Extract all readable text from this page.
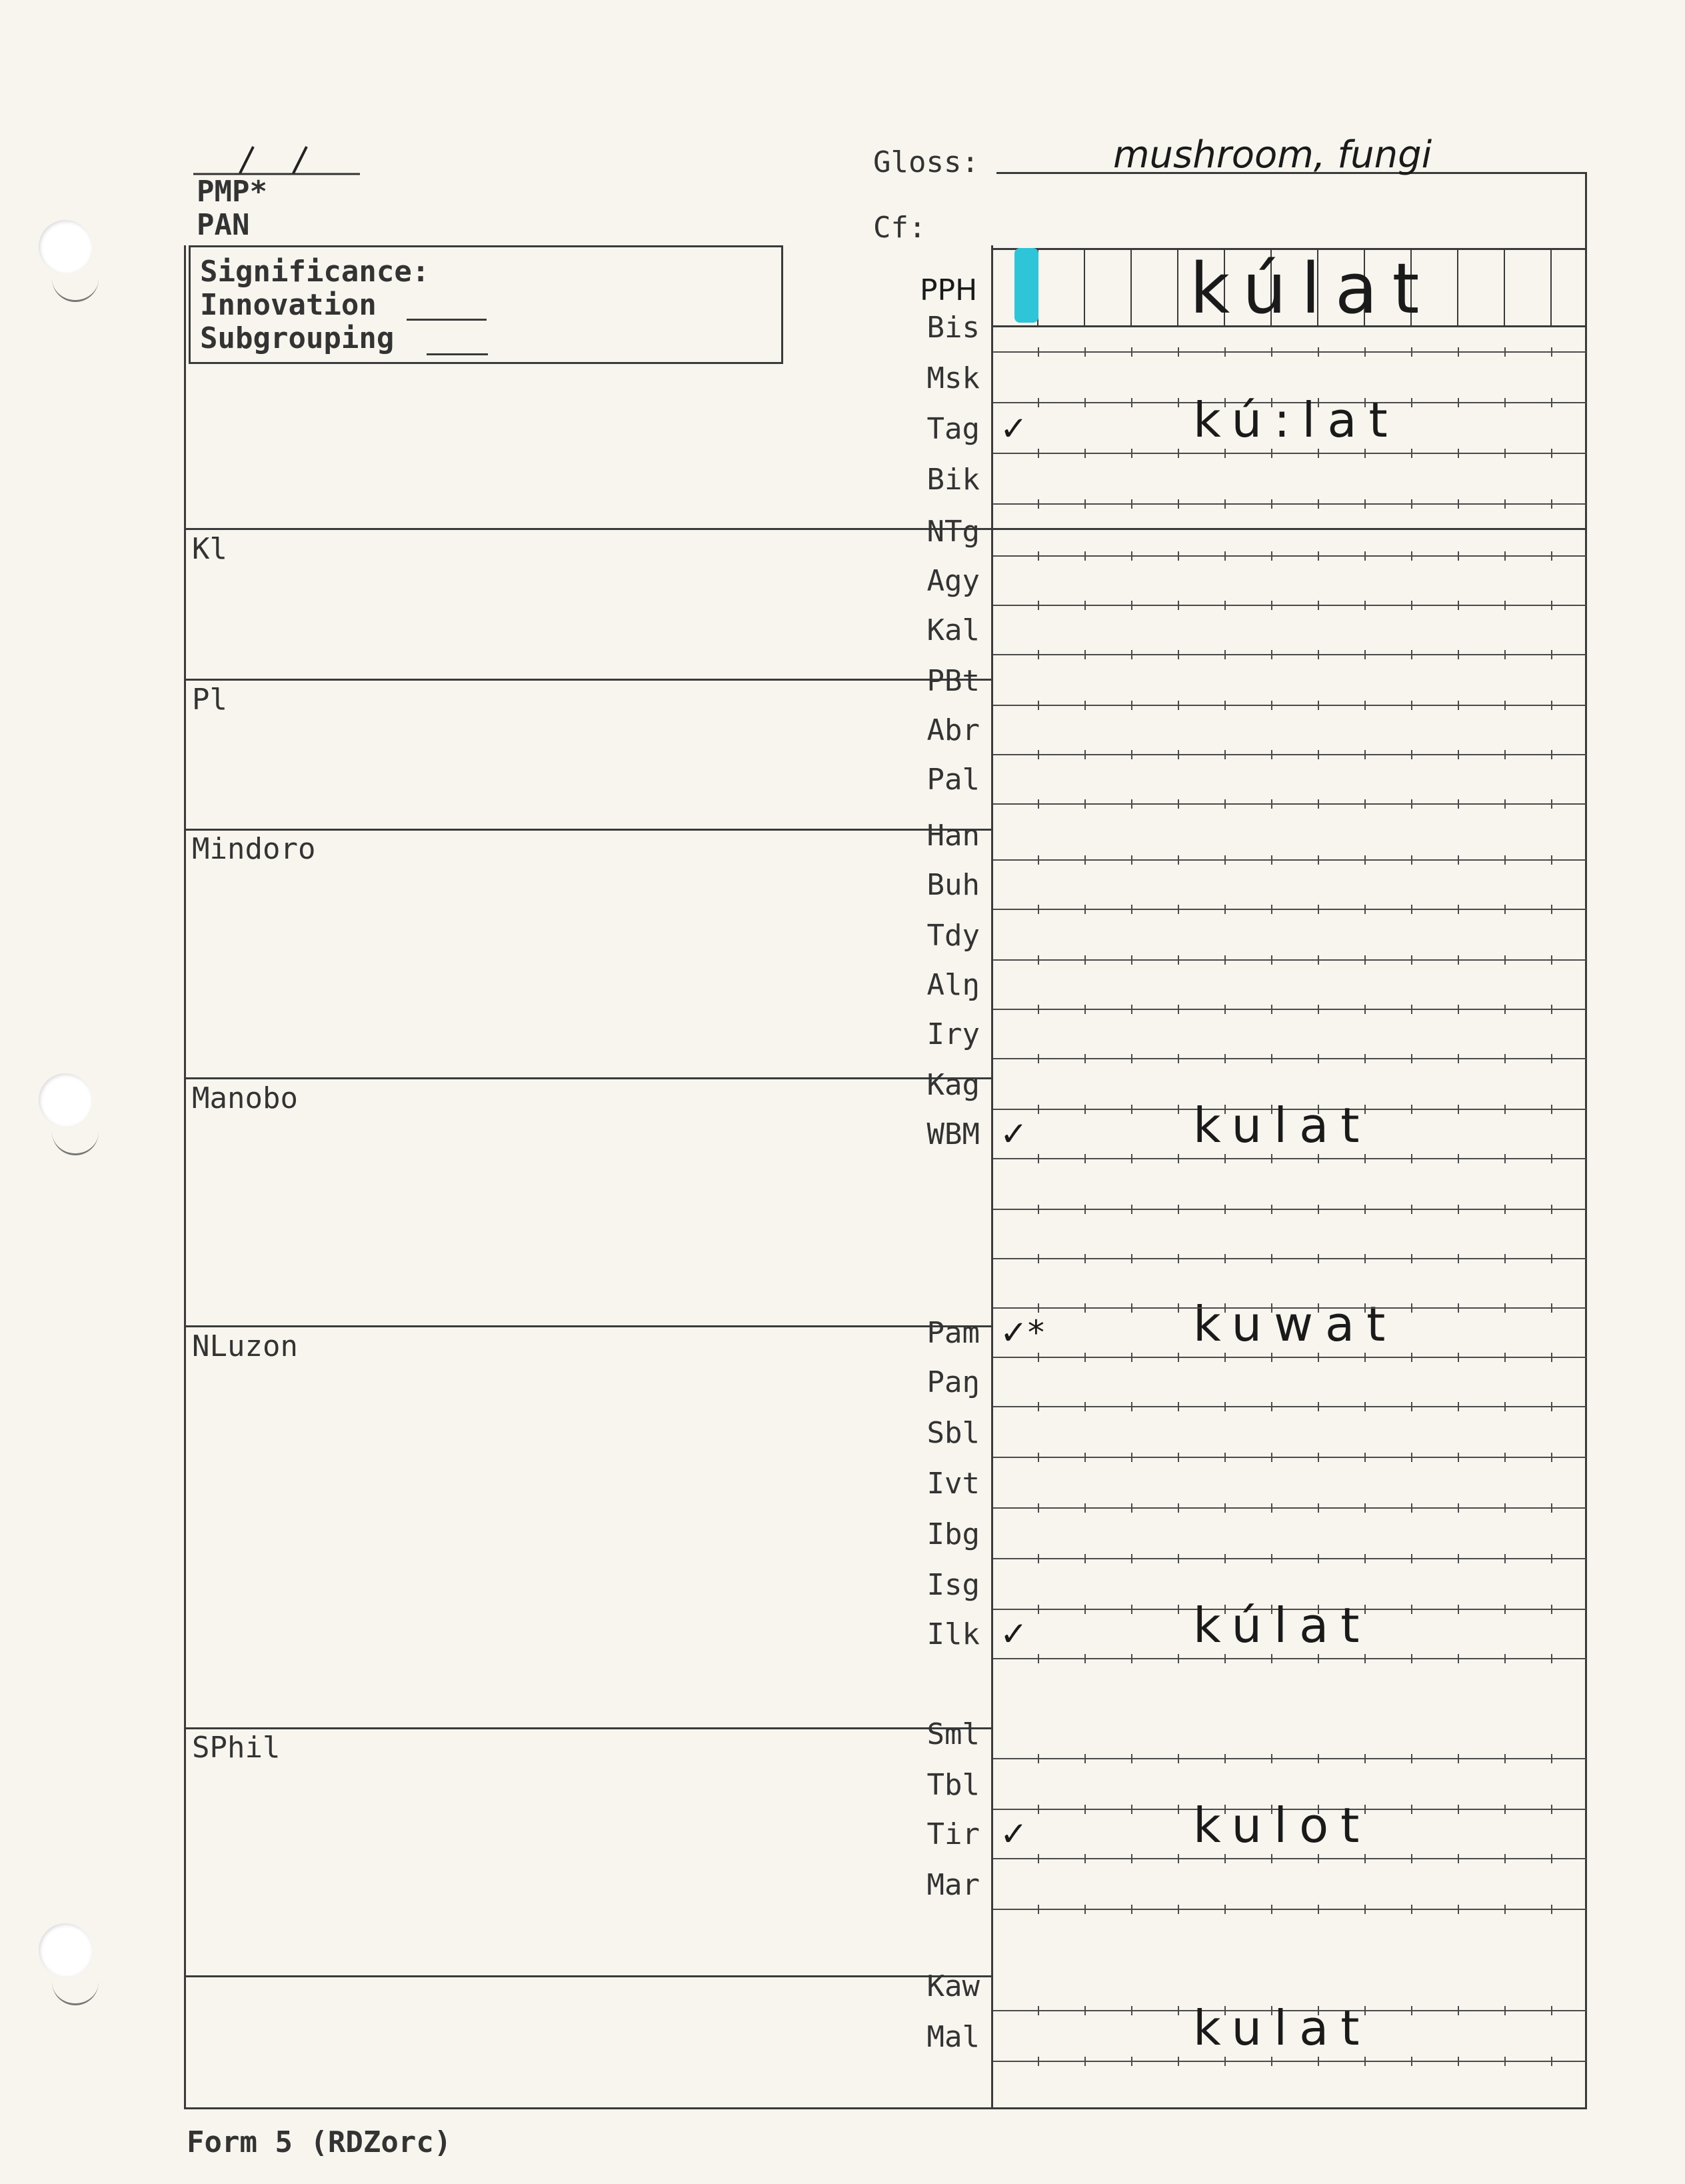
PMP*
PAN
Gloss:	mushroom, fungi
Cf:
Significance:
Innovation
Subgrouping
Kl
Pl
Mindoro
Manobo
NLuzon
SPhil
PPH	kúlat
Bis
Msk
Tag ✓	kú:lat
Bik
NTg
Agy
Kal
PBt
Abr
Pal
Han
Buh
Tdy
Alŋ
Iry
Kag
WBM ✓	kulat
Pam ✓*	kuwat
Paŋ
Sbl
Ivt
Ibg
Isg
Ilk ✓	kúlat
Sml
Tbl
Tir ✓	kulot
Mar
Kaw
Mal	kulat
Form 5 (RDZorc)
